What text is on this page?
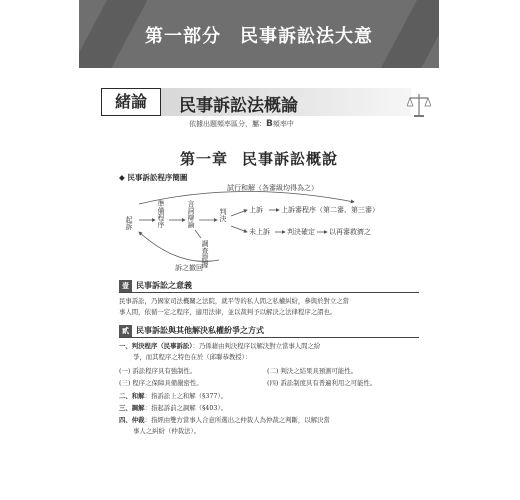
第一部分　民事訴訟法大意
緒論	民事訴訟法概論
依據出題頻率區分，屬：B頻率中
第一章 民事訴訟概說
◆ 民事訴訟程序簡圖
試行和解（各審級均得為之）
起訴	準備程序	言詞辯論	判決
調查證據
訴之撤回
上訴	上訴審程序（第二審、第三審）
未上訴 判決確定 以再審救濟之
壹 民事訴訟之意義
民事訴訟，乃國家司法機關之法院，就平等的私人間之私權糾紛，參與於對立之當
事人間，依循一定之程序，適用法律，並以裁判予以解決之法律程序之謂也。
貳 民事訴訟與其他解決私權紛爭之方式
一、判決程序（民事訴訟）：乃係藉由判決程序以解決對立當事人間之紛
爭，而其程序之特色在於（邱聯恭教授）：
(一) 訴訟程序具有強制性。	(二) 判決之結果具預測可能性。
(三) 程序之保障具備嚴密性。	(四) 訴訟制度具有普遍利用之可能性。
二、和解：指訴訟上之和解（§377）。
三、調解：指起訴前之調解（§403）。
四、仲裁：指經由雙方當事人合意所選出之仲裁人為仲裁之判斷，以解決當
事人之糾紛（仲裁法）。
